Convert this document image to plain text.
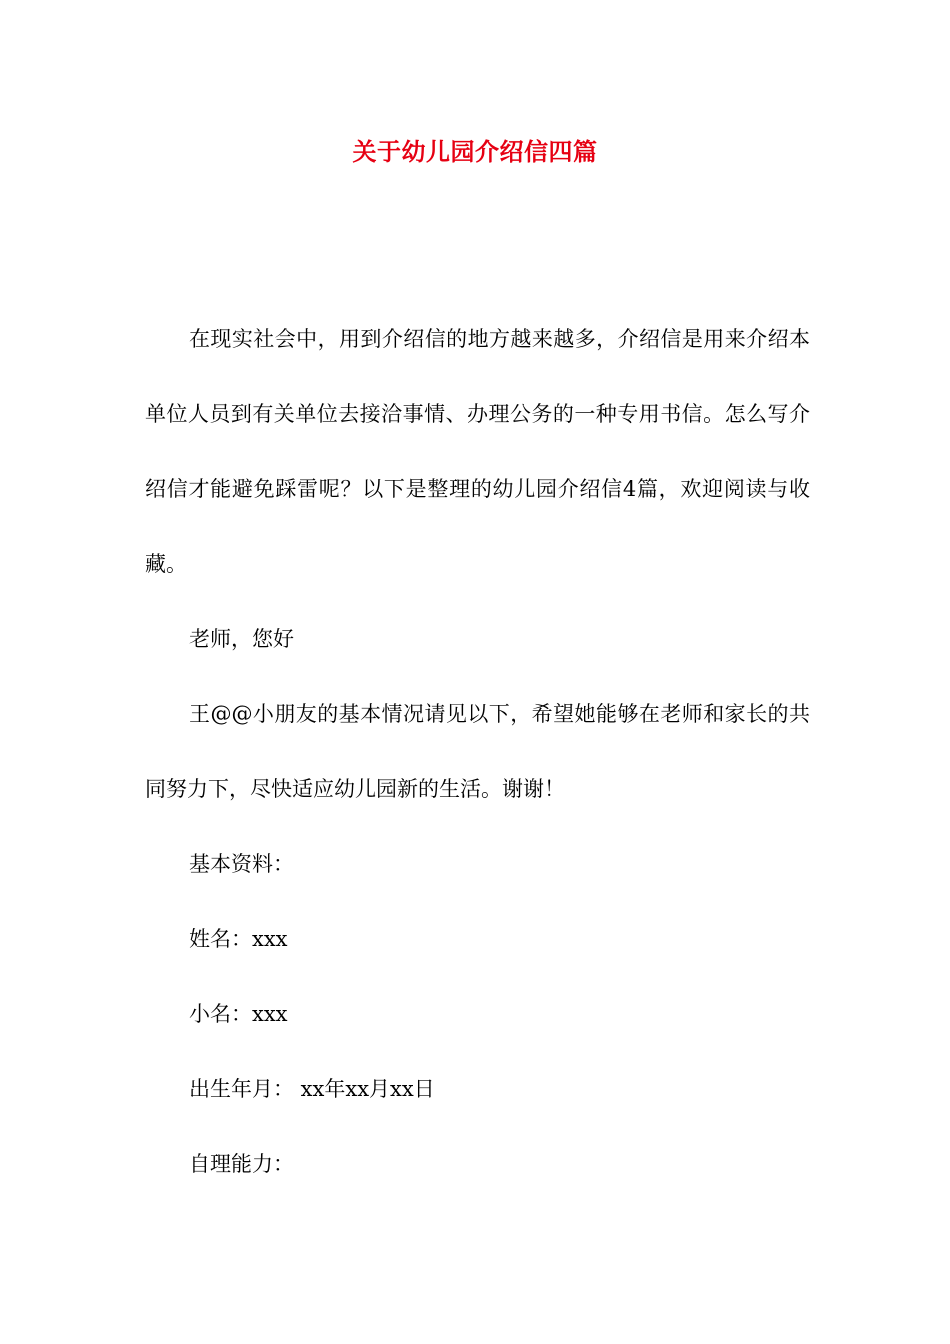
关于幼儿园介绍信四篇

在现实社会中，用到介绍信的地方越来越多，介绍信是用来介绍本单位人员到有关单位去接洽事情、办理公务的一种专用书信。怎么写介绍信才能避免踩雷呢？以下是整理的幼儿园介绍信4篇，欢迎阅读与收藏。

老师，您好

王@@小朋友的基本情况请见以下，希望她能够在老师和家长的共同努力下，尽快适应幼儿园新的生活。谢谢！

基本资料：

姓名：xxx

小名：xxx

出生年月： xx年xx月xx日

自理能力：
